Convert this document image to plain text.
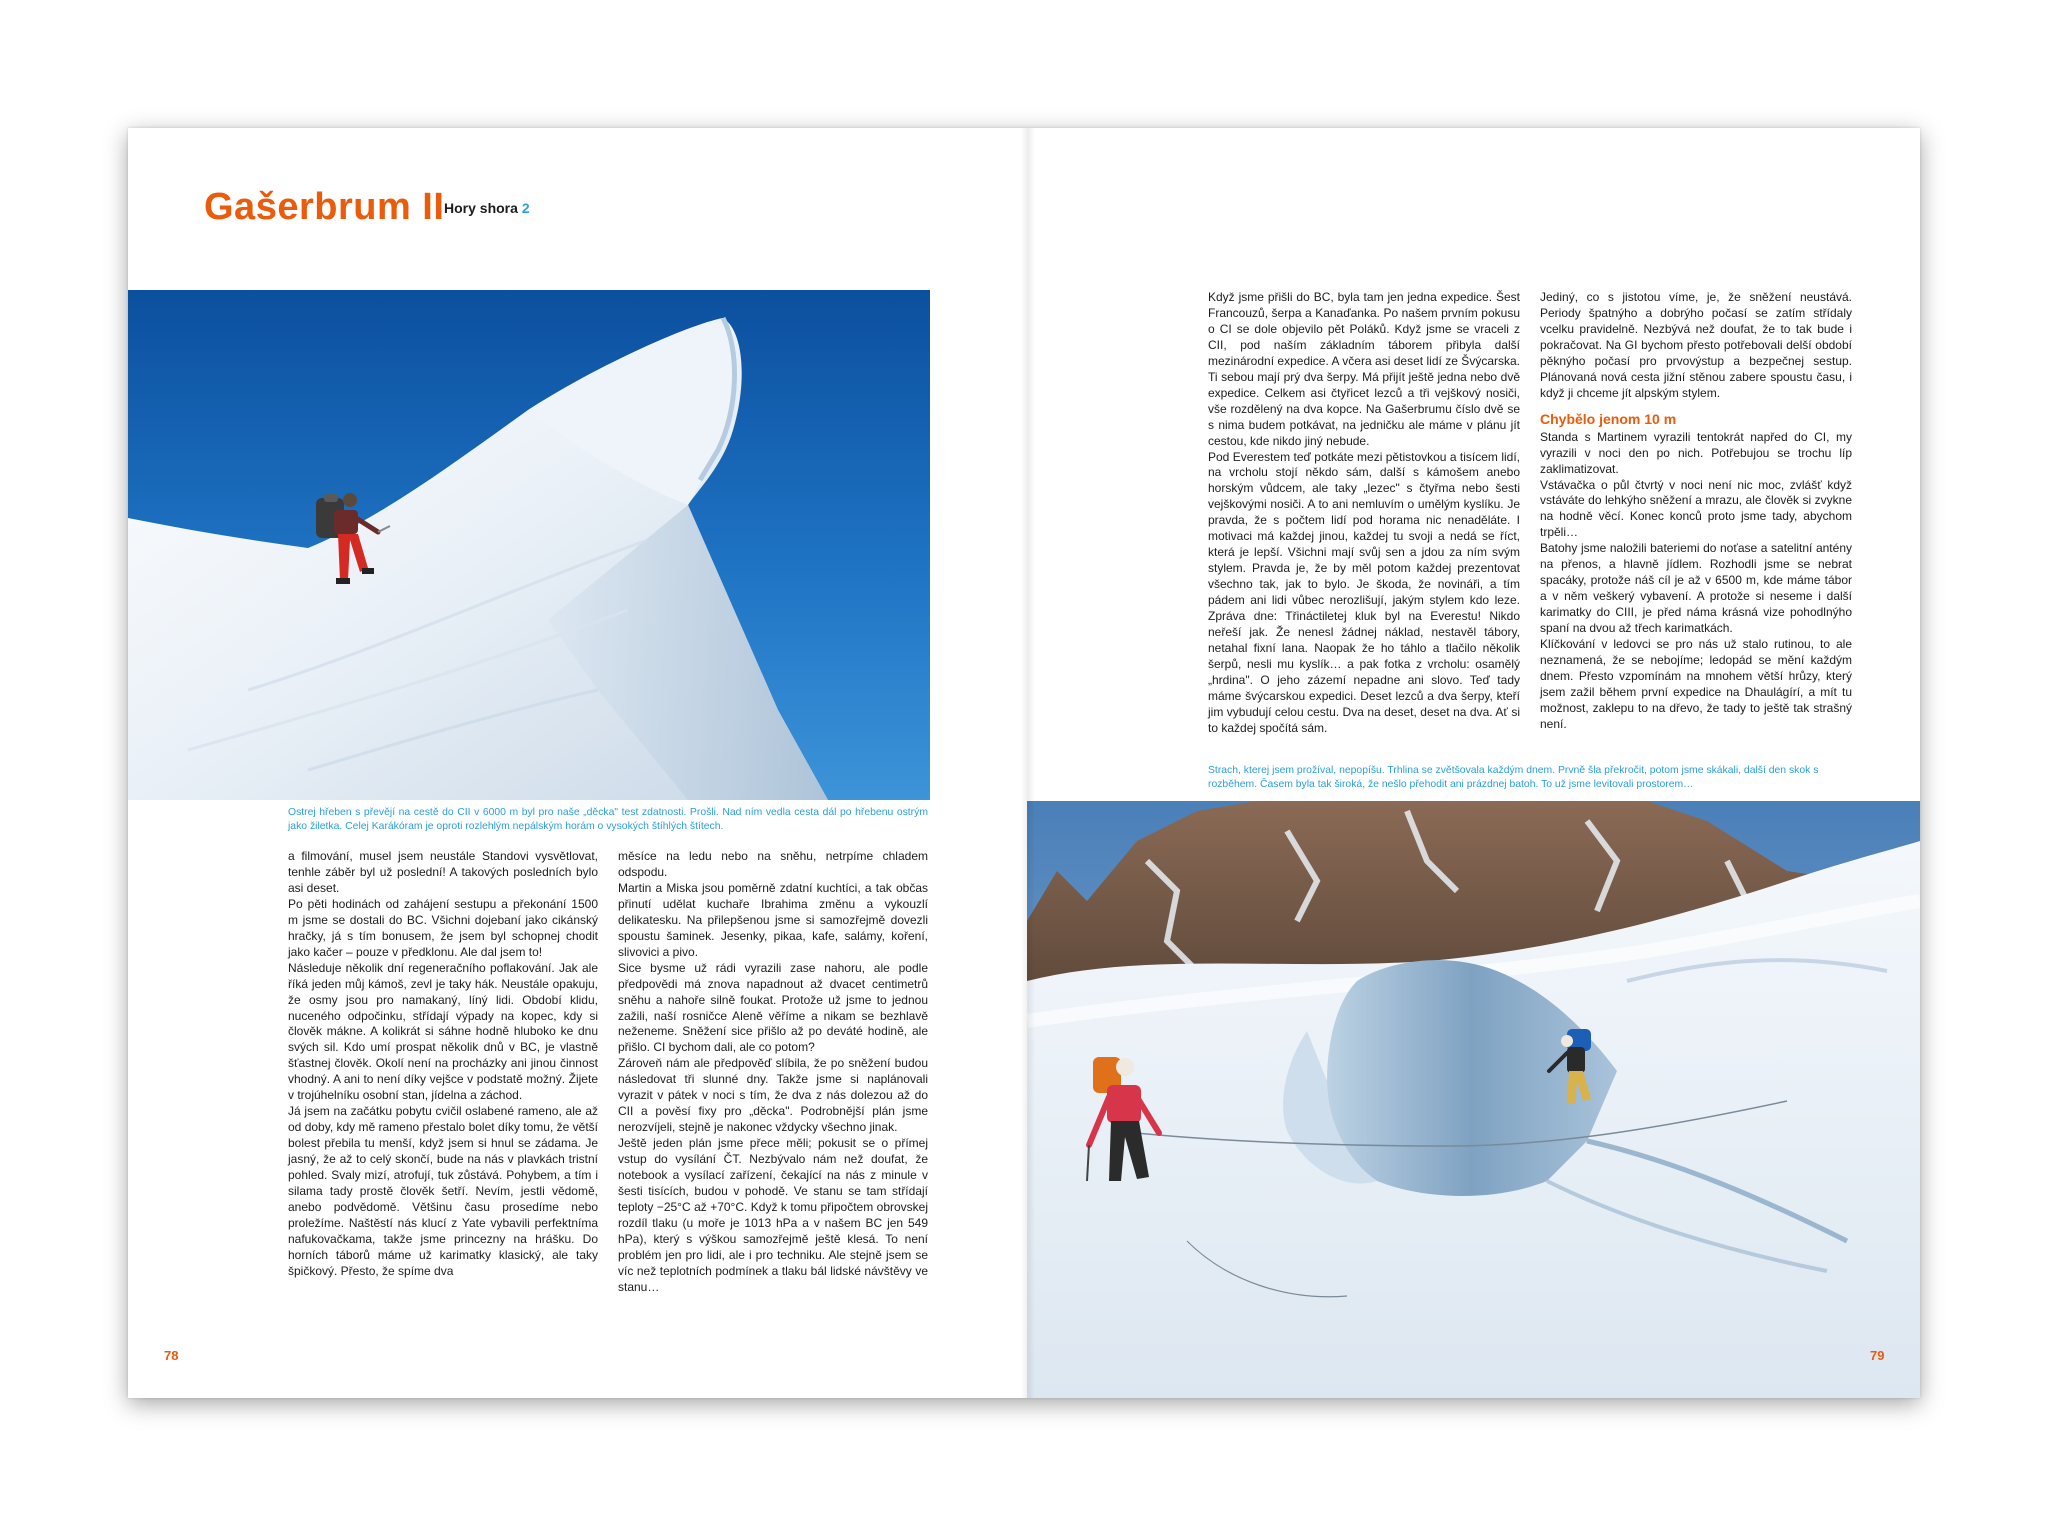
Gašerbrum II Hory shora 2
Ostrej hřeben s převějí na cestě do CII v 6000 m byl pro naše „děcka" test zdatnosti. Prošli. Nad ním vedla cesta dál po hřebenu ostrým jako žiletka. Celej Karákóram je oproti rozlehlým nepálským horám o vysokých štíhlých štítech.

a filmování, musel jsem neustále Standovi vysvětlovat, tenhle záběr byl už poslední! A takových posledních bylo asi deset.

Po pěti hodinách od zahájení sestupu a překonání 1500 m jsme se dostali do BC. Všichni dojebaní jako cikánský hračky, já s tím bonusem, že jsem byl schopnej chodit jako kačer – pouze v předklonu. Ale dal jsem to!

Následuje několik dní regeneračního poflakování. Jak ale říká jeden můj kámoš, zevl je taky hák. Neustále opakuju, že osmy jsou pro namakaný, líný lidi. Období klidu, nuceného odpočinku, střídají výpady na kopec, kdy si člověk mákne. A kolikrát si sáhne hodně hluboko ke dnu svých sil. Kdo umí prospat několik dnů v BC, je vlastně šťastnej člověk. Okolí není na procházky ani jinou činnost vhodný. A ani to není díky vejšce v podstatě možný. Žijete v trojúhelníku osobní stan, jídelna a záchod.

Já jsem na začátku pobytu cvičil oslabené rameno, ale až od doby, kdy mě rameno přestalo bolet díky tomu, že větší bolest přebila tu menší, když jsem si hnul se zádama. Je jasný, že až to celý skončí, bude na nás v plavkách tristní pohled. Svaly mizí, atrofují, tuk zůstává. Pohybem, a tím i silama tady prostě člověk šetří. Nevím, jestli vědomě, anebo podvědomě. Většinu času prosedíme nebo proležíme. Naštěstí nás klucí z Yate vybavili perfektníma nafukovačkama, takže jsme princezny na hrášku. Do horních táborů máme už karimatky klasický, ale taky špičkový. Přesto, že spíme dva

měsíce na ledu nebo na sněhu, netrpíme chladem odspodu.

Martin a Miska jsou poměrně zdatní kuchtíci, a tak občas přinutí udělat kuchaře Ibrahima změnu a vykouzlí delikatesku. Na přilepšenou jsme si samozřejmě dovezli spoustu šaminek. Jesenky, pikaa, kafe, salámy, koření, slivovici a pivo.

Sice bysme už rádi vyrazili zase nahoru, ale podle předpovědi má znova napadnout až dvacet centimetrů sněhu a nahoře silně foukat. Protože už jsme to jednou zažili, naší rosničce Aleně věříme a nikam se bezhlavě neženeme. Sněžení sice přišlo až po deváté hodině, ale přišlo. CI bychom dali, ale co potom?

Zároveň nám ale předpověď slíbila, že po sněžení budou následovat tři slunné dny. Takže jsme si naplánovali vyrazit v pátek v noci s tím, že dva z nás dolezou až do CII a pověsí fixy pro „děcka". Podrobnější plán jsme nerozvíjeli, stejně je nakonec vždycky všechno jinak.

Ještě jeden plán jsme přece měli; pokusit se o přímej vstup do vysílání ČT. Nezbývalo nám než doufat, že notebook a vysílací zařízení, čekající na nás z minule v šesti tisících, budou v pohodě. Ve stanu se tam střídají teploty −25°C až +70°C. Když k tomu připočtem obrovskej rozdíl tlaku (u moře je 1013 hPa a v našem BC jen 549 hPa), který s výškou samozřejmě ještě klesá. To není problém jen pro lidi, ale i pro techniku. Ale stejně jsem se víc než teplotních podmínek a tlaku bál lidské návštěvy ve stanu…

78

Když jsme přišli do BC, byla tam jen jedna expedice. Šest Francouzů, šerpa a Kanaďanka. Po našem prvním pokusu o CI se dole objevilo pět Poláků. Když jsme se vraceli z CII, pod naším základním táborem přibyla další mezinárodní expedice. A včera asi deset lidí ze Švýcarska. Ti sebou mají prý dva šerpy. Má přijít ještě jedna nebo dvě expedice. Celkem asi čtyřicet lezců a tři vejškový nosiči, vše rozdělený na dva kopce. Na Gašerbrumu číslo dvě se s nima budem potkávat, na jedničku ale máme v plánu jít cestou, kde nikdo jiný nebude.

Pod Everestem teď potkáte mezi pětistovkou a tisícem lidí, na vrcholu stojí někdo sám, další s kámošem anebo horským vůdcem, ale taky „lezec" s čtyřma nebo šesti vejškovými nosiči. A to ani nemluvím o umělým kyslíku. Je pravda, že s počtem lidí pod horama nic nenaděláte. I motivaci má každej jinou, každej tu svoji a nedá se říct, která je lepší. Všichni mají svůj sen a jdou za ním svým stylem. Pravda je, že by měl potom každej prezentovat všechno tak, jak to bylo. Je škoda, že novináři, a tím pádem ani lidi vůbec nerozlišují, jakým stylem kdo leze. Zpráva dne: Třináctiletej kluk byl na Everestu! Nikdo neřeší jak. Že nenesl žádnej náklad, nestavěl tábory, netahal fixní lana. Naopak že ho táhlo a tlačilo několik šerpů, nesli mu kyslík… a pak fotka z vrcholu: osamělý „hrdina". O jeho zázemí nepadne ani slovo. Teď tady máme švýcarskou expedici. Deset lezců a dva šerpy, kteří jim vybudují celou cestu. Dva na deset, deset na dva. Ať si to každej spočítá sám.

Jediný, co s jistotou víme, je, že sněžení neustává. Periody špatnýho a dobrýho počasí se zatím střídaly vcelku pravidelně. Nezbývá než doufat, že to tak bude i pokračovat. Na GI bychom přesto potřebovali delší období pěknýho počasí pro prvovýstup a bezpečnej sestup. Plánovaná nová cesta jižní stěnou zabere spoustu času, i když ji chceme jít alpským stylem.

Chybělo jenom 10 m

Standa s Martinem vyrazili tentokrát napřed do CI, my vyrazili v noci den po nich. Potřebujou se trochu líp zaklimatizovat.

Vstávačka o půl čtvrtý v noci není nic moc, zvlášť když vstáváte do lehkýho sněžení a mrazu, ale člověk si zvykne na hodně věcí. Konec konců proto jsme tady, abychom trpěli…

Batohy jsme naložili bateriemi do noťase a satelitní antény na přenos, a hlavně jídlem. Rozhodli jsme se nebrat spacáky, protože náš cíl je až v 6500 m, kde máme tábor a v něm veškerý vybavení. A protože si neseme i další karimatky do CIII, je před náma krásná vize pohodlnýho spaní na dvou až třech karimatkách.

Klíčkování v ledovci se pro nás už stalo rutinou, to ale neznamená, že se nebojíme; ledopád se mění každým dnem. Přesto vzpomínám na mnohem větší hrůzy, který jsem zažil během první expedice na Dhaulágírí, a mít tu možnost, zaklepu to na dřevo, že tady to ještě tak strašný není.

Strach, kterej jsem prožíval, nepopíšu. Trhlina se zvětšovala každým dnem. Prvně šla překročit, potom jsme skákali, další den skok s rozběhem. Časem byla tak široká, že nešlo přehodit ani prázdnej batoh. To už jsme levitovali prostorem…
79
